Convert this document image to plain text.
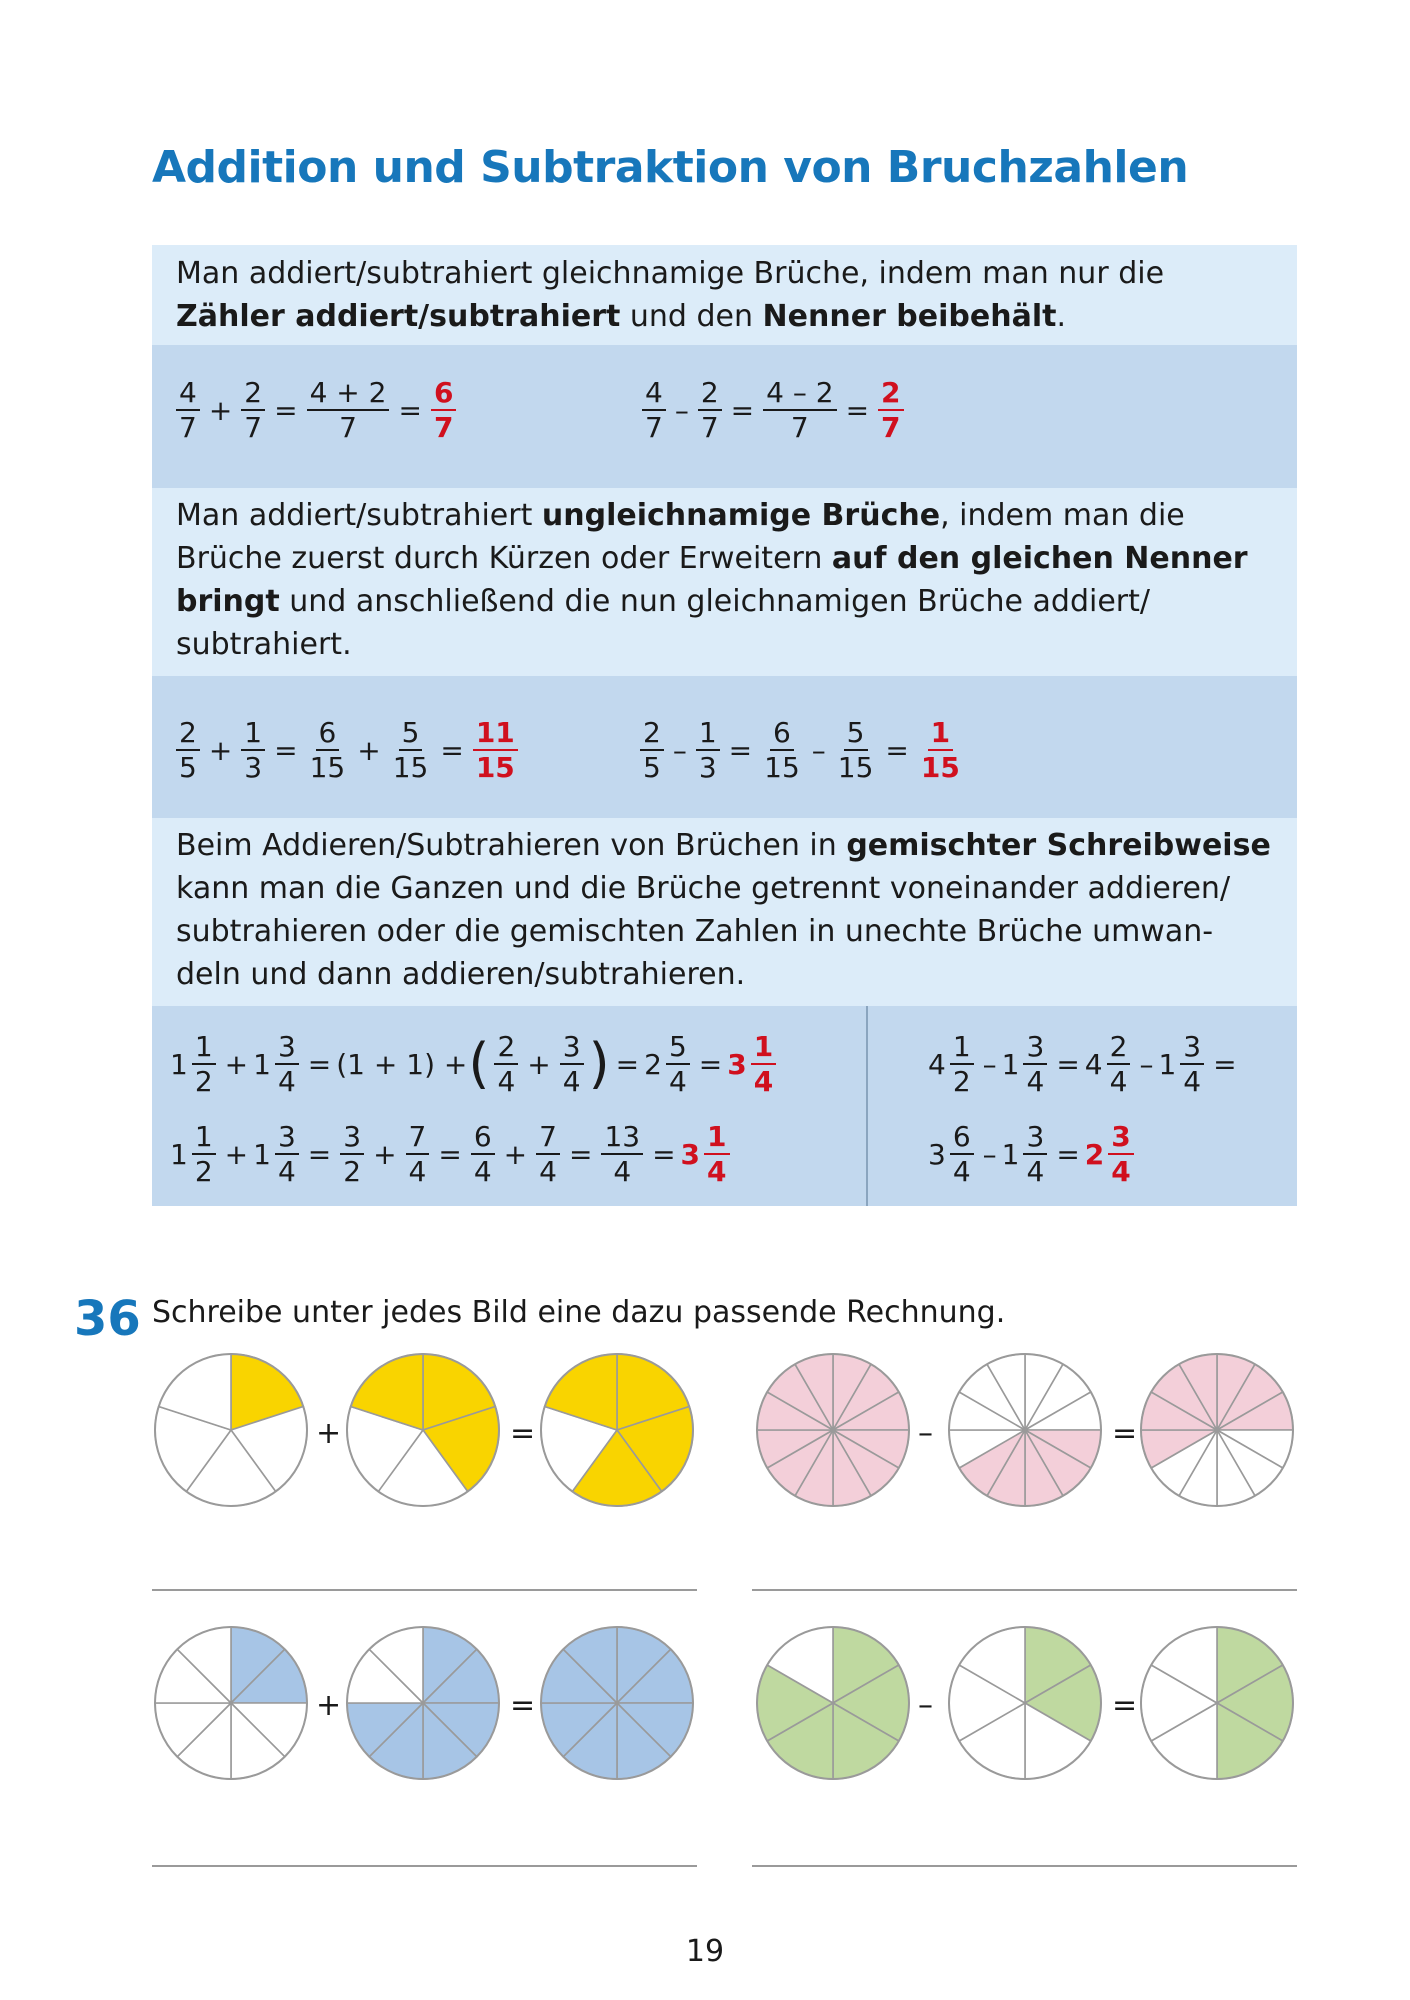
Addition und Subtraktion von Bruchzahlen
Man addiert/subtrahiert gleichnamige Brüche, indem man nur die Zähler addiert/subtrahiert und den Nenner beibehält.
$\frac{4}{7} + \frac{2}{7} = \frac{4 + 2}{7} = \frac{6}{7}$	$\frac{4}{7} - \frac{2}{7} = \frac{4 - 2}{7} = \frac{2}{7}$
Man addiert/subtrahiert ungleichnamige Brüche, indem man die Brüche zuerst durch Kürzen oder Erweitern auf den gleichen Nenner bringt und anschließend die nun gleichnamigen Brüche addiert/ subtrahiert.
$\frac{2}{5} + \frac{1}{3} = \frac{6}{15} + \frac{5}{15} = \frac{11}{15}$	$\frac{2}{5} - \frac{1}{3} = \frac{6}{15} - \frac{5}{15} = \frac{1}{15}$
Beim Addieren/Subtrahieren von Brüchen in gemischter Schreibweise kann man die Ganzen und die Brüche getrennt voneinander addieren/ subtrahieren oder die gemischten Zahlen in unechte Brüche umwan-deln und dann addieren/subtrahieren.
$1 \frac{1}{2} + 1 \frac{3}{4} = (1 + 1)$ + ( $\frac{2}{4} + \frac{3}{4}$ ) = $2 \frac{5}{4} = 3 \frac{1}{4}$
$1 \frac{1}{2} + 1 \frac{3}{4} = \frac{3}{2} + \frac{7}{4} = \frac{6}{4} + \frac{7}{4} = \frac{13}{4} = 3 \frac{1}{4}$
$4 \frac{1}{2} - 1 \frac{3}{4} = 4 \frac{2}{4} - 1 \frac{3}{4}$ =
$3 \frac{6}{4} - 1 \frac{3}{4} = 2 \frac{3}{4}$
36 Schreibe unter jedes Bild eine dazu passende Rechnung.
+	=	–	=
+	=	–	=
19
